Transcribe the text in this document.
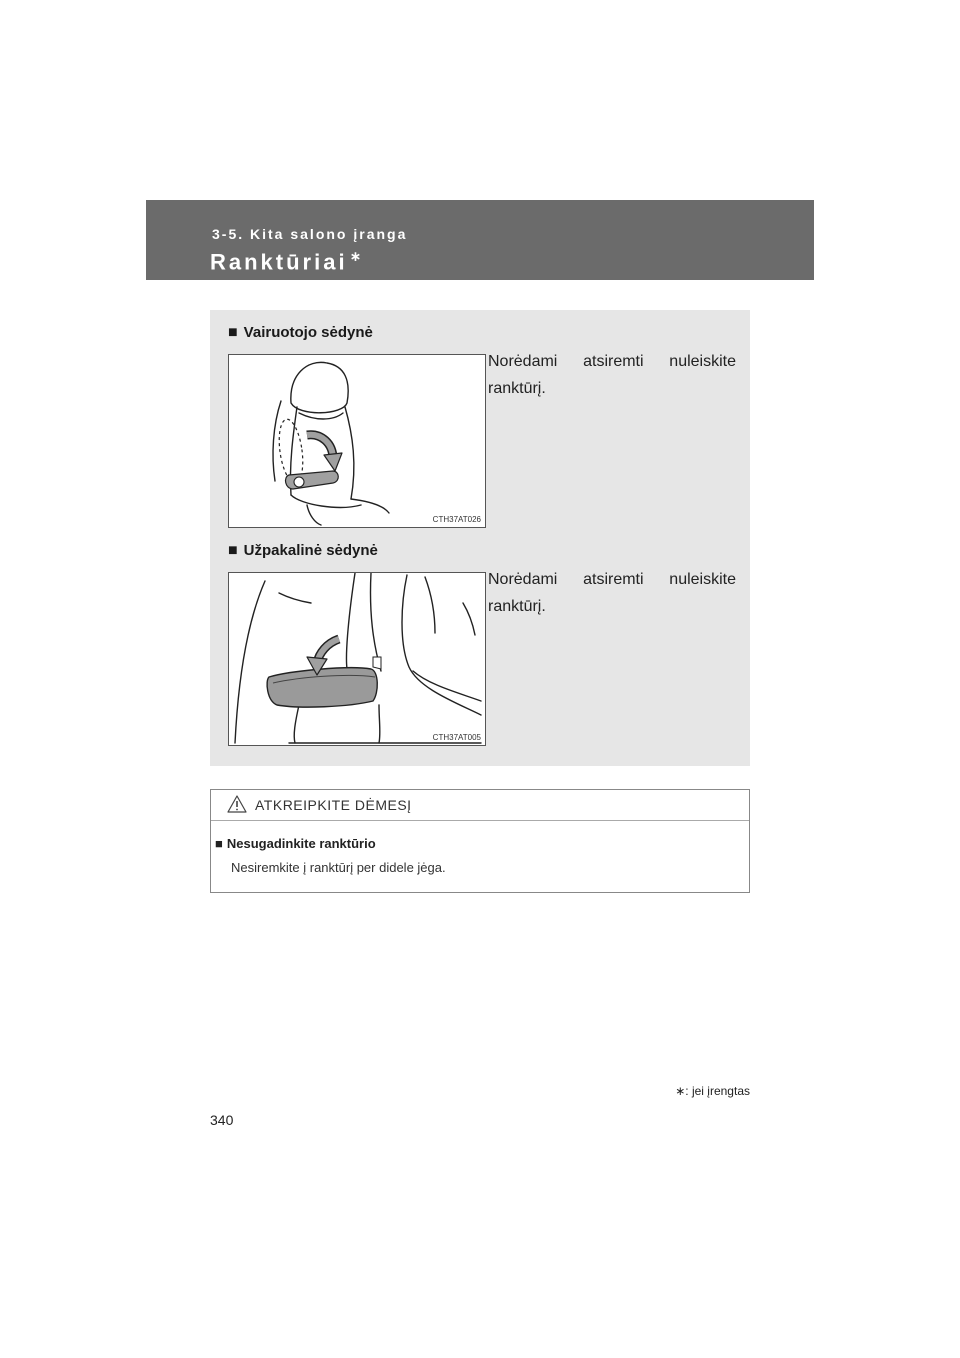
3-5. Kita salono įranga
Ranktūriai ∗
■ Vairuotojo sėdynė
CTH37AT026
Norėdami atsiremti nuleiskite ranktūrį.
■ Užpakalinė sėdynė
CTH37AT005
Norėdami atsiremti nuleiskite ranktūrį.
ATKREIPKITE DĖMESĮ
■ Nesugadinkite ranktūrio
Nesiremkite į ranktūrį per didele jėga.
∗: jei įrengtas
340
